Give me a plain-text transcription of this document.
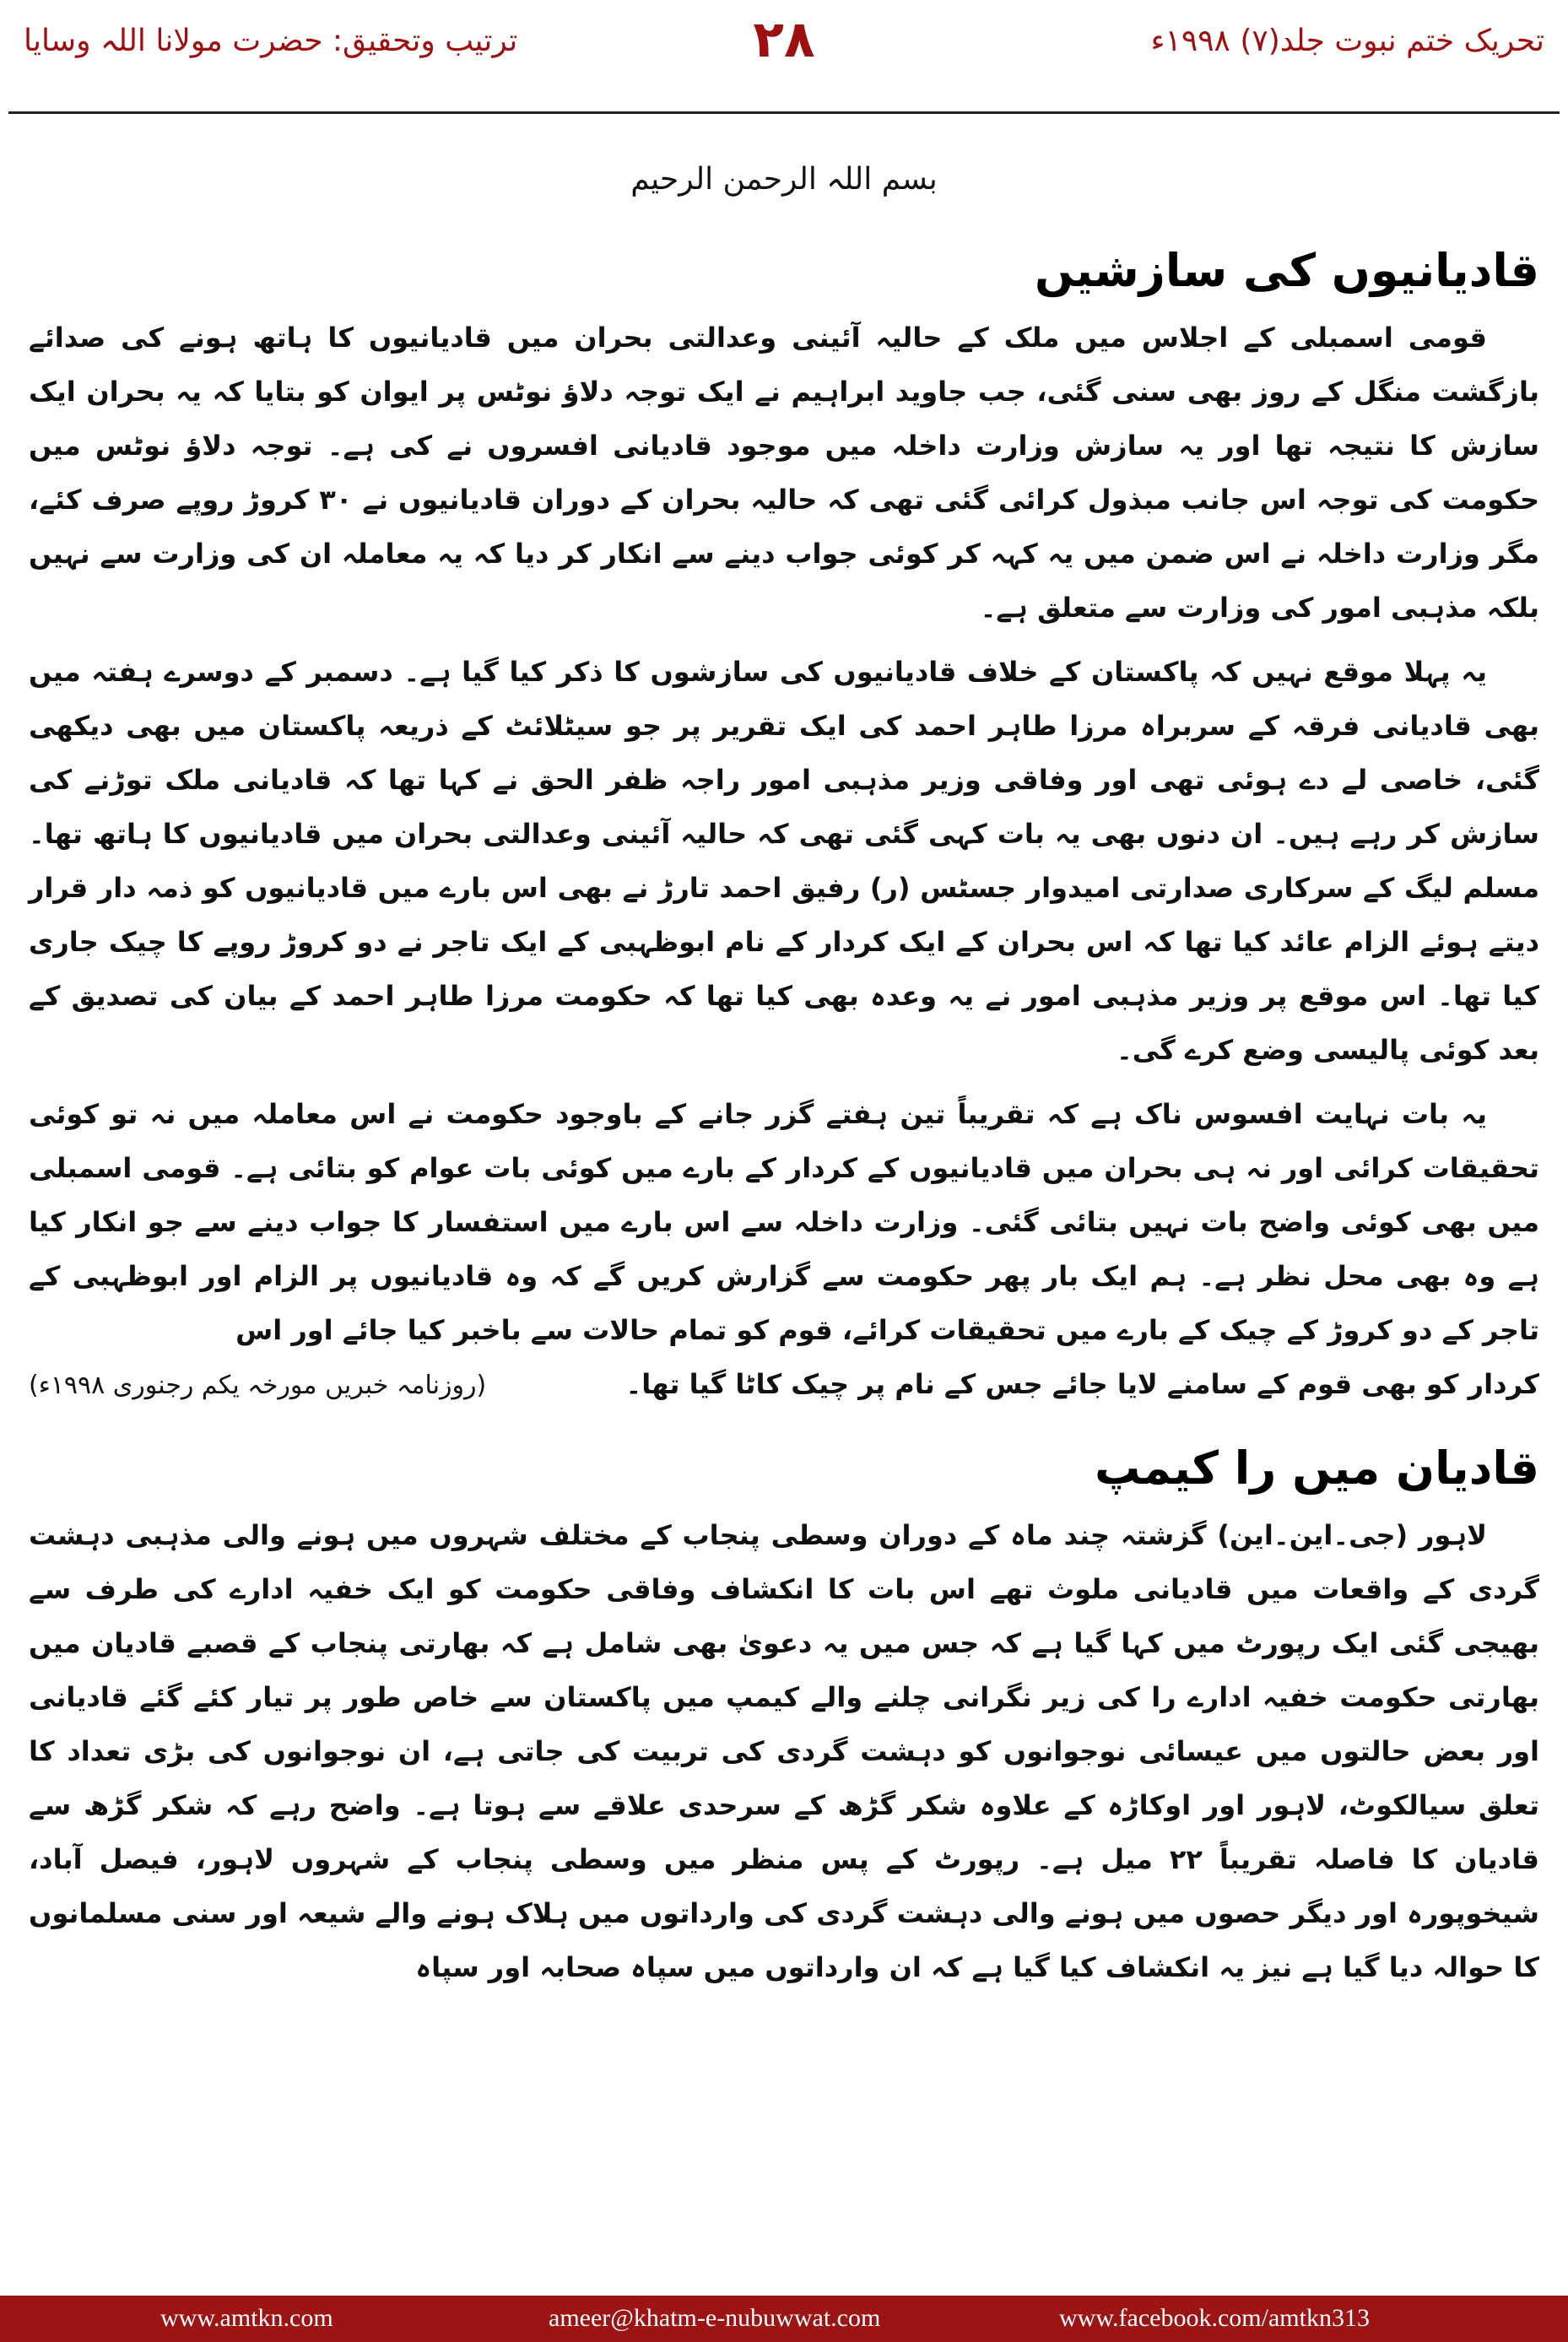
ترتیب وتحقیق: حضرت مولانا اللہ وسایا	۲۸	تحریک ختم نبوت جلد(۷) ۱۹۹۸ء
بسم اللہ الرحمن الرحیم
قادیانیوں کی سازشیں

قومی اسمبلی کے اجلاس میں ملک کے حالیہ آئینی وعدالتی بحران میں قادیانیوں کا ہاتھ ہونے کی صدائے بازگشت منگل کے روز بھی سنی گئی، جب جاوید ابراہیم نے ایک توجہ دلاؤ نوٹس پر ایوان کو بتایا کہ یہ بحران ایک سازش کا نتیجہ تھا اور یہ سازش وزارت داخلہ میں موجود قادیانی افسروں نے کی ہے۔ توجہ دلاؤ نوٹس میں حکومت کی توجہ اس جانب مبذول کرائی گئی تھی کہ حالیہ بحران کے دوران قادیانیوں نے ۳۰ کروڑ روپے صرف کئے، مگر وزارت داخلہ نے اس ضمن میں یہ کہہ کر کوئی جواب دینے سے انکار کر دیا کہ یہ معاملہ ان کی وزارت سے نہیں بلکہ مذہبی امور کی وزارت سے متعلق ہے۔

یہ پہلا موقع نہیں کہ پاکستان کے خلاف قادیانیوں کی سازشوں کا ذکر کیا گیا ہے۔ دسمبر کے دوسرے ہفتہ میں بھی قادیانی فرقہ کے سربراہ مرزا طاہر احمد کی ایک تقریر پر جو سیٹلائٹ کے ذریعہ پاکستان میں بھی دیکھی گئی، خاصی لے دے ہوئی تھی اور وفاقی وزیر مذہبی امور راجہ ظفر الحق نے کہا تھا کہ قادیانی ملک توڑنے کی سازش کر رہے ہیں۔ ان دنوں بھی یہ بات کہی گئی تھی کہ حالیہ آئینی وعدالتی بحران میں قادیانیوں کا ہاتھ تھا۔ مسلم لیگ کے سرکاری صدارتی امیدوار جسٹس (ر) رفیق احمد تارڑ نے بھی اس بارے میں قادیانیوں کو ذمہ دار قرار دیتے ہوئے الزام عائد کیا تھا کہ اس بحران کے ایک کردار کے نام ابوظہبی کے ایک تاجر نے دو کروڑ روپے کا چیک جاری کیا تھا۔ اس موقع پر وزیر مذہبی امور نے یہ وعدہ بھی کیا تھا کہ حکومت مرزا طاہر احمد کے بیان کی تصدیق کے بعد کوئی پالیسی وضع کرے گی۔

یہ بات نہایت افسوس ناک ہے کہ تقریباً تین ہفتے گزر جانے کے باوجود حکومت نے اس معاملہ میں نہ تو کوئی تحقیقات کرائی اور نہ ہی بحران میں قادیانیوں کے کردار کے بارے میں کوئی بات عوام کو بتائی ہے۔ قومی اسمبلی میں بھی کوئی واضح بات نہیں بتائی گئی۔ وزارت داخلہ سے اس بارے میں استفسار کا جواب دینے سے جو انکار کیا ہے وہ بھی محل نظر ہے۔ ہم ایک بار پھر حکومت سے گزارش کریں گے کہ وہ قادیانیوں پر الزام اور ابوظہبی کے تاجر کے دو کروڑ کے چیک کے بارے میں تحقیقات کرائے، قوم کو تمام حالات سے باخبر کیا جائے اور اس

کردار کو بھی قوم کے سامنے لایا جائے جس کے نام پر چیک کاٹا گیا تھا۔
(روزنامہ خبریں مورخہ یکم رجنوری ۱۹۹۸ء)
قادیان میں را کیمپ

لاہور (جی۔این۔این) گزشتہ چند ماہ کے دوران وسطی پنجاب کے مختلف شہروں میں ہونے والی مذہبی دہشت گردی کے واقعات میں قادیانی ملوث تھے اس بات کا انکشاف وفاقی حکومت کو ایک خفیہ ادارے کی طرف سے بھیجی گئی ایک رپورٹ میں کہا گیا ہے کہ جس میں یہ دعویٰ بھی شامل ہے کہ بھارتی پنجاب کے قصبے قادیان میں بھارتی حکومت خفیہ ادارے را کی زیر نگرانی چلنے والے کیمپ میں پاکستان سے خاص طور پر تیار کئے گئے قادیانی اور بعض حالتوں میں عیسائی نوجوانوں کو دہشت گردی کی تربیت کی جاتی ہے، ان نوجوانوں کی بڑی تعداد کا تعلق سیالکوٹ، لاہور اور اوکاڑہ کے علاوہ شکر گڑھ کے سرحدی علاقے سے ہوتا ہے۔ واضح رہے کہ شکر گڑھ سے قادیان کا فاصلہ تقریباً ۲۲ میل ہے۔ رپورٹ کے پس منظر میں وسطی پنجاب کے شہروں لاہور، فیصل آباد، شیخوپورہ اور دیگر حصوں میں ہونے والی دہشت گردی کی وارداتوں میں ہلاک ہونے والے شیعہ اور سنی مسلمانوں کا حوالہ دیا گیا ہے نیز یہ انکشاف کیا گیا ہے کہ ان وارداتوں میں سپاہ صحابہ اور سپاہ

www.amtkn.com	ameer@khatm-e-nubuwwat.com	www.facebook.com/amtkn313
